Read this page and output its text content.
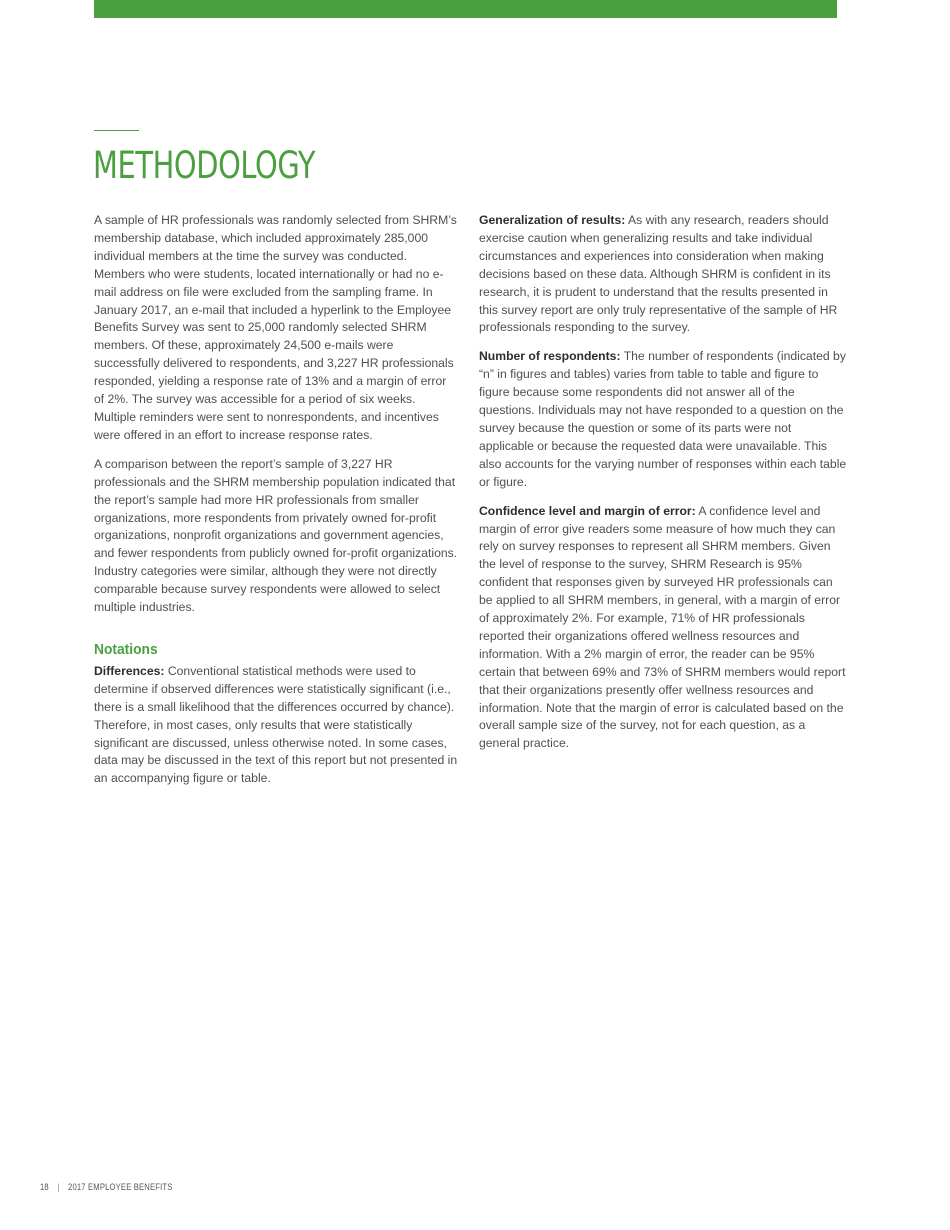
METHODOLOGY

A sample of HR professionals was randomly selected from SHRM’s membership database, which included approximately 285,000 individual members at the time the survey was conducted. Members who were students, located internationally or had no e-mail address on file were excluded from the sampling frame. In January 2017, an e-mail that included a hyperlink to the Employee Benefits Survey was sent to 25,000 randomly selected SHRM members. Of these, approximately 24,500 e-mails were successfully delivered to respondents, and 3,227 HR professionals responded, yielding a response rate of 13% and a margin of error of 2%. The survey was accessible for a period of six weeks. Multiple reminders were sent to nonrespondents, and incentives were offered in an effort to increase response rates.

A comparison between the report’s sample of 3,227 HR professionals and the SHRM membership population indicated that the report’s sample had more HR professionals from smaller organizations, more respondents from privately owned for-profit organizations, nonprofit organizations and government agencies, and fewer respondents from publicly owned for-profit organizations. Industry categories were similar, although they were not directly comparable because survey respondents were allowed to select multiple industries.

Notations

Differences: Conventional statistical methods were used to determine if observed differences were statistically significant (i.e., there is a small likelihood that the differences occurred by chance). Therefore, in most cases, only results that were statistically significant are discussed, unless otherwise noted. In some cases, data may be discussed in the text of this report but not presented in an accompanying figure or table.

Generalization of results: As with any research, readers should exercise caution when generalizing results and take individual circumstances and experiences into consideration when making decisions based on these data. Although SHRM is confident in its research, it is prudent to understand that the results presented in this survey report are only truly representative of the sample of HR professionals responding to the survey.

Number of respondents: The number of respondents (indicated by “n” in figures and tables) varies from table to table and figure to figure because some respondents did not answer all of the questions. Individuals may not have responded to a question on the survey because the question or some of its parts were not applicable or because the requested data were unavailable. This also accounts for the varying number of responses within each table or figure.

Confidence level and margin of error: A confidence level and margin of error give readers some measure of how much they can rely on survey responses to represent all SHRM members. Given the level of response to the survey, SHRM Research is 95% confident that responses given by surveyed HR professionals can be applied to all SHRM members, in general, with a margin of error of approximately 2%. For example, 71% of HR professionals reported their organizations offered wellness resources and information. With a 2% margin of error, the reader can be 95% certain that between 69% and 73% of SHRM members would report that their organizations presently offer wellness resources and information. Note that the margin of error is calculated based on the overall sample size of the survey, not for each question, as a general practice.

18 | 2017 EMPLOYEE BENEFITS
